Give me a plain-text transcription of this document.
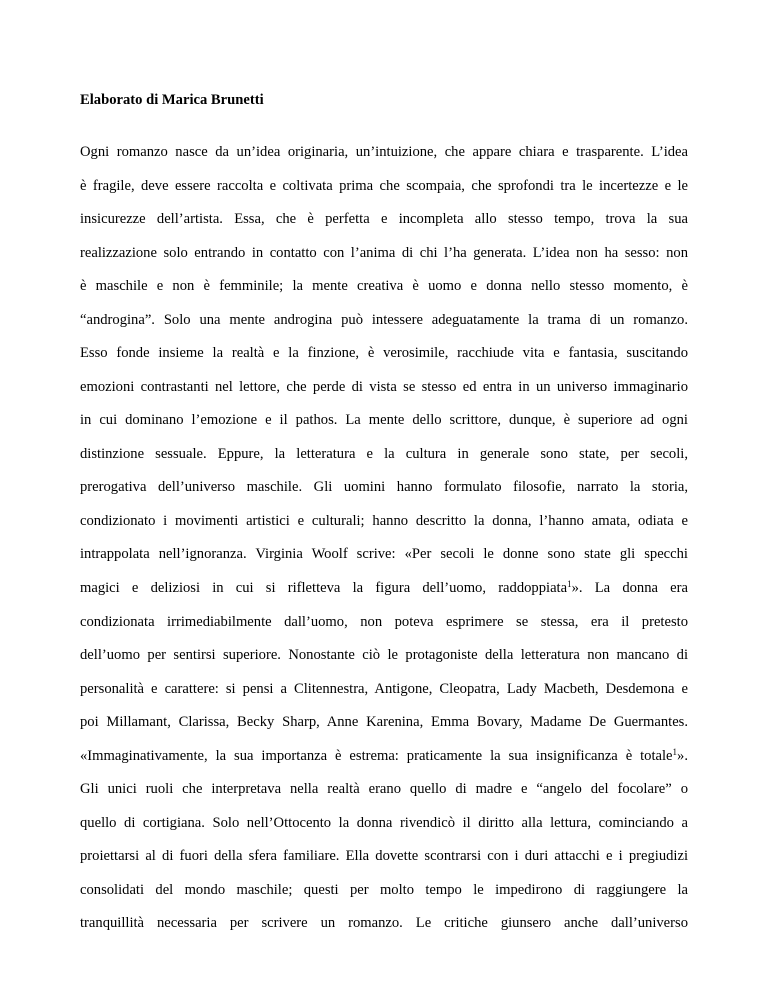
Elaborato di Marica Brunetti
Ogni romanzo nasce da un’idea originaria, un’intuizione, che appare chiara e trasparente. L’idea
è fragile, deve essere raccolta e coltivata prima che scompaia, che sprofondi tra le incertezze e le
insicurezze dell’artista. Essa, che è perfetta e incompleta allo stesso tempo, trova la sua
realizzazione solo entrando in contatto con l’anima di chi l’ha generata. L’idea non ha sesso: non
è maschile e non è femminile; la mente creativa è uomo e donna nello stesso momento, è
“androgina”. Solo una mente androgina può intessere adeguatamente la trama di un romanzo.
Esso fonde insieme la realtà e la finzione, è verosimile, racchiude vita e fantasia, suscitando
emozioni contrastanti nel lettore, che perde di vista se stesso ed entra in un universo immaginario
in cui dominano l’emozione e il pathos. La mente dello scrittore, dunque, è superiore ad ogni
distinzione sessuale. Eppure, la letteratura e la cultura in generale sono state, per secoli,
prerogativa dell’universo maschile. Gli uomini hanno formulato filosofie, narrato la storia,
condizionato i movimenti artistici e culturali; hanno descritto la donna, l’hanno amata, odiata e
intrappolata nell’ignoranza. Virginia Woolf scrive: «Per secoli le donne sono state gli specchi
magici e deliziosi in cui si rifletteva la figura dell’uomo, raddoppiata$^1$». La donna era
condizionata irrimediabilmente dall’uomo, non poteva esprimere se stessa, era il pretesto
dell’uomo per sentirsi superiore. Nonostante ciò le protagoniste della letteratura non mancano di
personalità e carattere: si pensi a Clitennestra, Antigone, Cleopatra, Lady Macbeth, Desdemona e
poi Millamant, Clarissa, Becky Sharp, Anne Karenina, Emma Bovary, Madame De Guermantes.
«Immaginativamente, la sua importanza è estrema: praticamente la sua insignificanza è totale$^1$».
Gli unici ruoli che interpretava nella realtà erano quello di madre e “angelo del focolare” o
quello di cortigiana. Solo nell’Ottocento la donna rivendicò il diritto alla lettura, cominciando a
proiettarsi al di fuori della sfera familiare. Ella dovette scontrarsi con i duri attacchi e i pregiudizi
consolidati del mondo maschile; questi per molto tempo le impedirono di raggiungere la
tranquillità necessaria per scrivere un romanzo. Le critiche giunsero anche dall’universo
